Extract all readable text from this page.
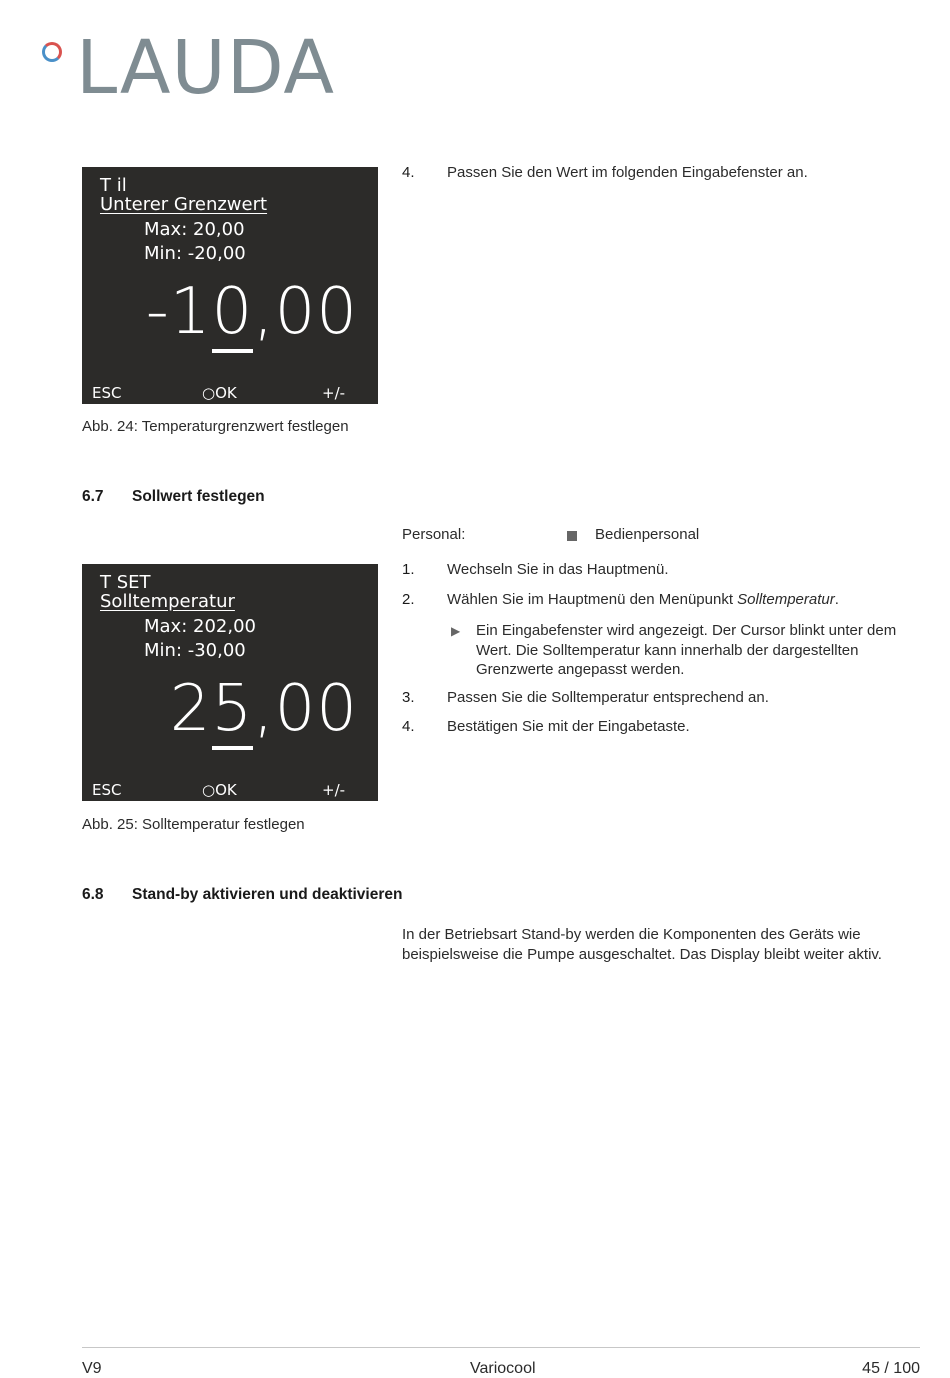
LAUDA
T il
Unterer Grenzwert
Max: 20,00
Min: -20,00
-10,00
ESC	○OK	+/-
Abb. 24: Temperaturgrenzwert festlegen
4. Passen Sie den Wert im folgenden Eingabefenster an.
6.7 Sollwert festlegen
Personal:	Bedienpersonal
T SET
Solltemperatur
Max: 202,00
Min: -30,00
25,00
ESC	○OK	+/-
Abb. 25: Solltemperatur festlegen
1. Wechseln Sie in das Hauptmenü.
2. Wählen Sie im Hauptmenü den Menüpunkt Solltemperatur.
▶ Ein Eingabefenster wird angezeigt. Der Cursor blinkt unter dem Wert. Die Solltemperatur kann innerhalb der dargestellten Grenzwerte angepasst werden.
3. Passen Sie die Solltemperatur entsprechend an.
4. Bestätigen Sie mit der Eingabetaste.
6.8 Stand-by aktivieren und deaktivieren
In der Betriebsart Stand-by werden die Komponenten des Geräts wie beispielsweise die Pumpe ausgeschaltet. Das Display bleibt weiter aktiv.
V9	Variocool	45 / 100
